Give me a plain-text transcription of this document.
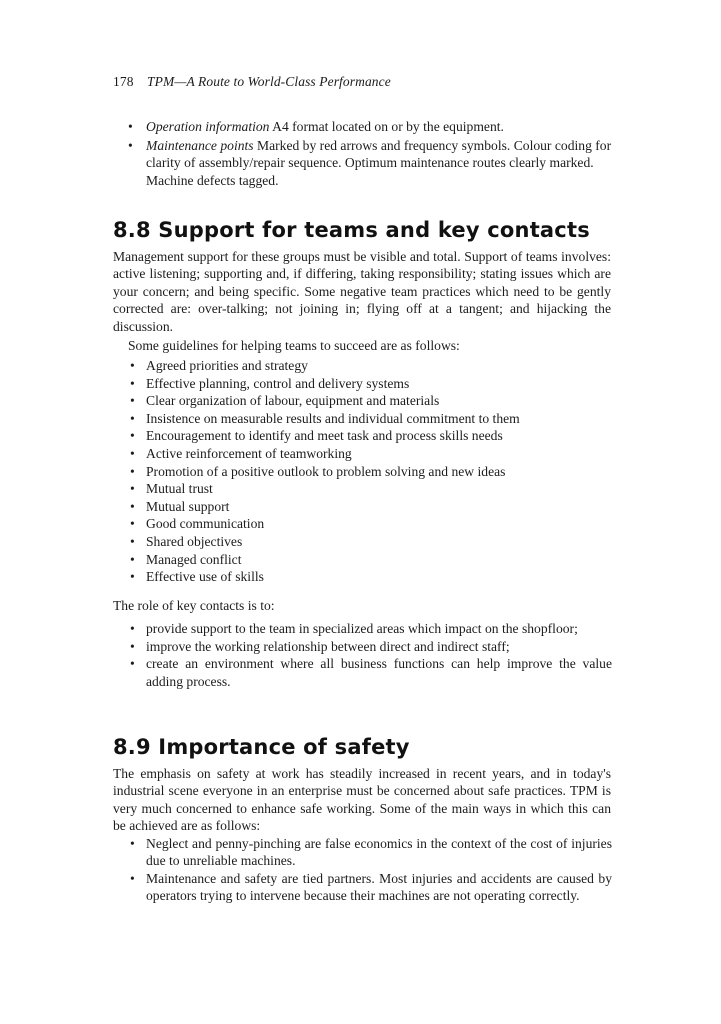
178 TPM—A Route to World-Class Performance
• Operation information A4 format located on or by the equipment.
• Maintenance points Marked by red arrows and frequency symbols. Colour coding for clarity of assembly/repair sequence. Optimum maintenance routes clearly marked. Machine defects tagged.
8.8 Support for teams and key contacts

Management support for these groups must be visible and total. Support of teams involves: active listening; supporting and, if differing, taking responsibility; stating issues which are your concern; and being specific. Some negative team practices which need to be gently corrected are: over-talking; not joining in; flying off at a tangent; and hijacking the discussion.

Some guidelines for helping teams to succeed are as follows:

• Agreed priorities and strategy
• Effective planning, control and delivery systems
• Clear organization of labour, equipment and materials
• Insistence on measurable results and individual commitment to them
• Encouragement to identify and meet task and process skills needs
• Active reinforcement of teamworking
• Promotion of a positive outlook to problem solving and new ideas
• Mutual trust
• Mutual support
• Good communication
• Shared objectives
• Managed conflict
• Effective use of skills

The role of key contacts is to:

• provide support to the team in specialized areas which impact on the shopfloor;
• improve the working relationship between direct and indirect staff;
• create an environment where all business functions can help improve the value adding process.
8.9 Importance of safety

The emphasis on safety at work has steadily increased in recent years, and in today's industrial scene everyone in an enterprise must be concerned about safe practices. TPM is very much concerned to enhance safe working. Some of the main ways in which this can be achieved are as follows:

• Neglect and penny-pinching are false economics in the context of the cost of injuries due to unreliable machines.
• Maintenance and safety are tied partners. Most injuries and accidents are caused by operators trying to intervene because their machines are not operating correctly.
